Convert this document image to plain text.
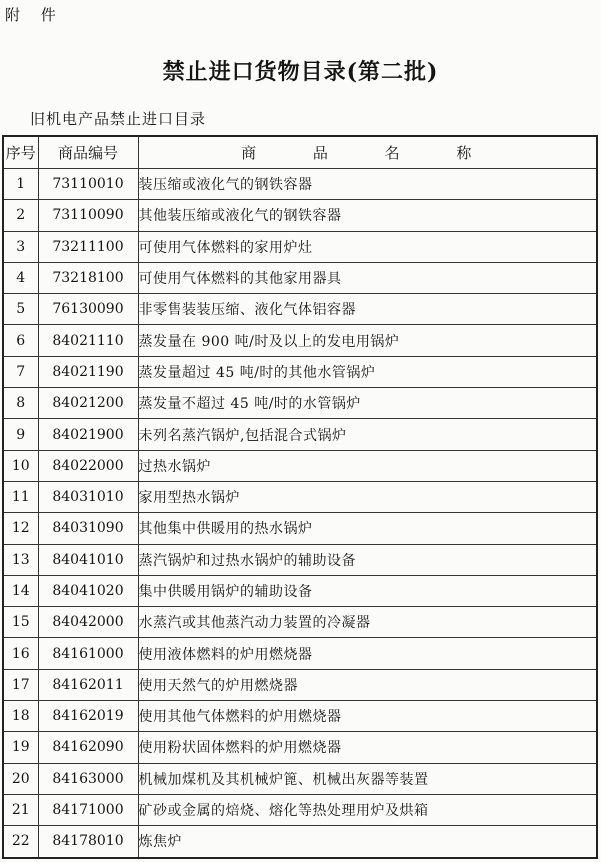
附 件
禁止进口货物目录(第二批)
旧机电产品禁止进口目录
序号	商品编号	商 品 名 称
1	73110010	装压缩或液化气的钢铁容器
2	73110090	其他装压缩或液化气的钢铁容器
3	73211100	可使用气体燃料的家用炉灶
4	73218100	可使用气体燃料的其他家用器具
5	76130090	非零售装装压缩、液化气体铝容器
6	84021110	蒸发量在 900 吨/时及以上的发电用锅炉
7	84021190	蒸发量超过 45 吨/时的其他水管锅炉
8	84021200	蒸发量不超过 45 吨/时的水管锅炉
9	84021900	未列名蒸汽锅炉,包括混合式锅炉
10	84022000	过热水锅炉
11	84031010	家用型热水锅炉
12	84031090	其他集中供暖用的热水锅炉
13	84041010	蒸汽锅炉和过热水锅炉的辅助设备
14	84041020	集中供暖用锅炉的辅助设备
15	84042000	水蒸汽或其他蒸汽动力装置的冷凝器
16	84161000	使用液体燃料的炉用燃烧器
17	84162011	使用天然气的炉用燃烧器
18	84162019	使用其他气体燃料的炉用燃烧器
19	84162090	使用粉状固体燃料的炉用燃烧器
20	84163000	机械加煤机及其机械炉篦、机械出灰器等装置
21	84171000	矿砂或金属的焙烧、熔化等热处理用炉及烘箱
22	84178010	炼焦炉
